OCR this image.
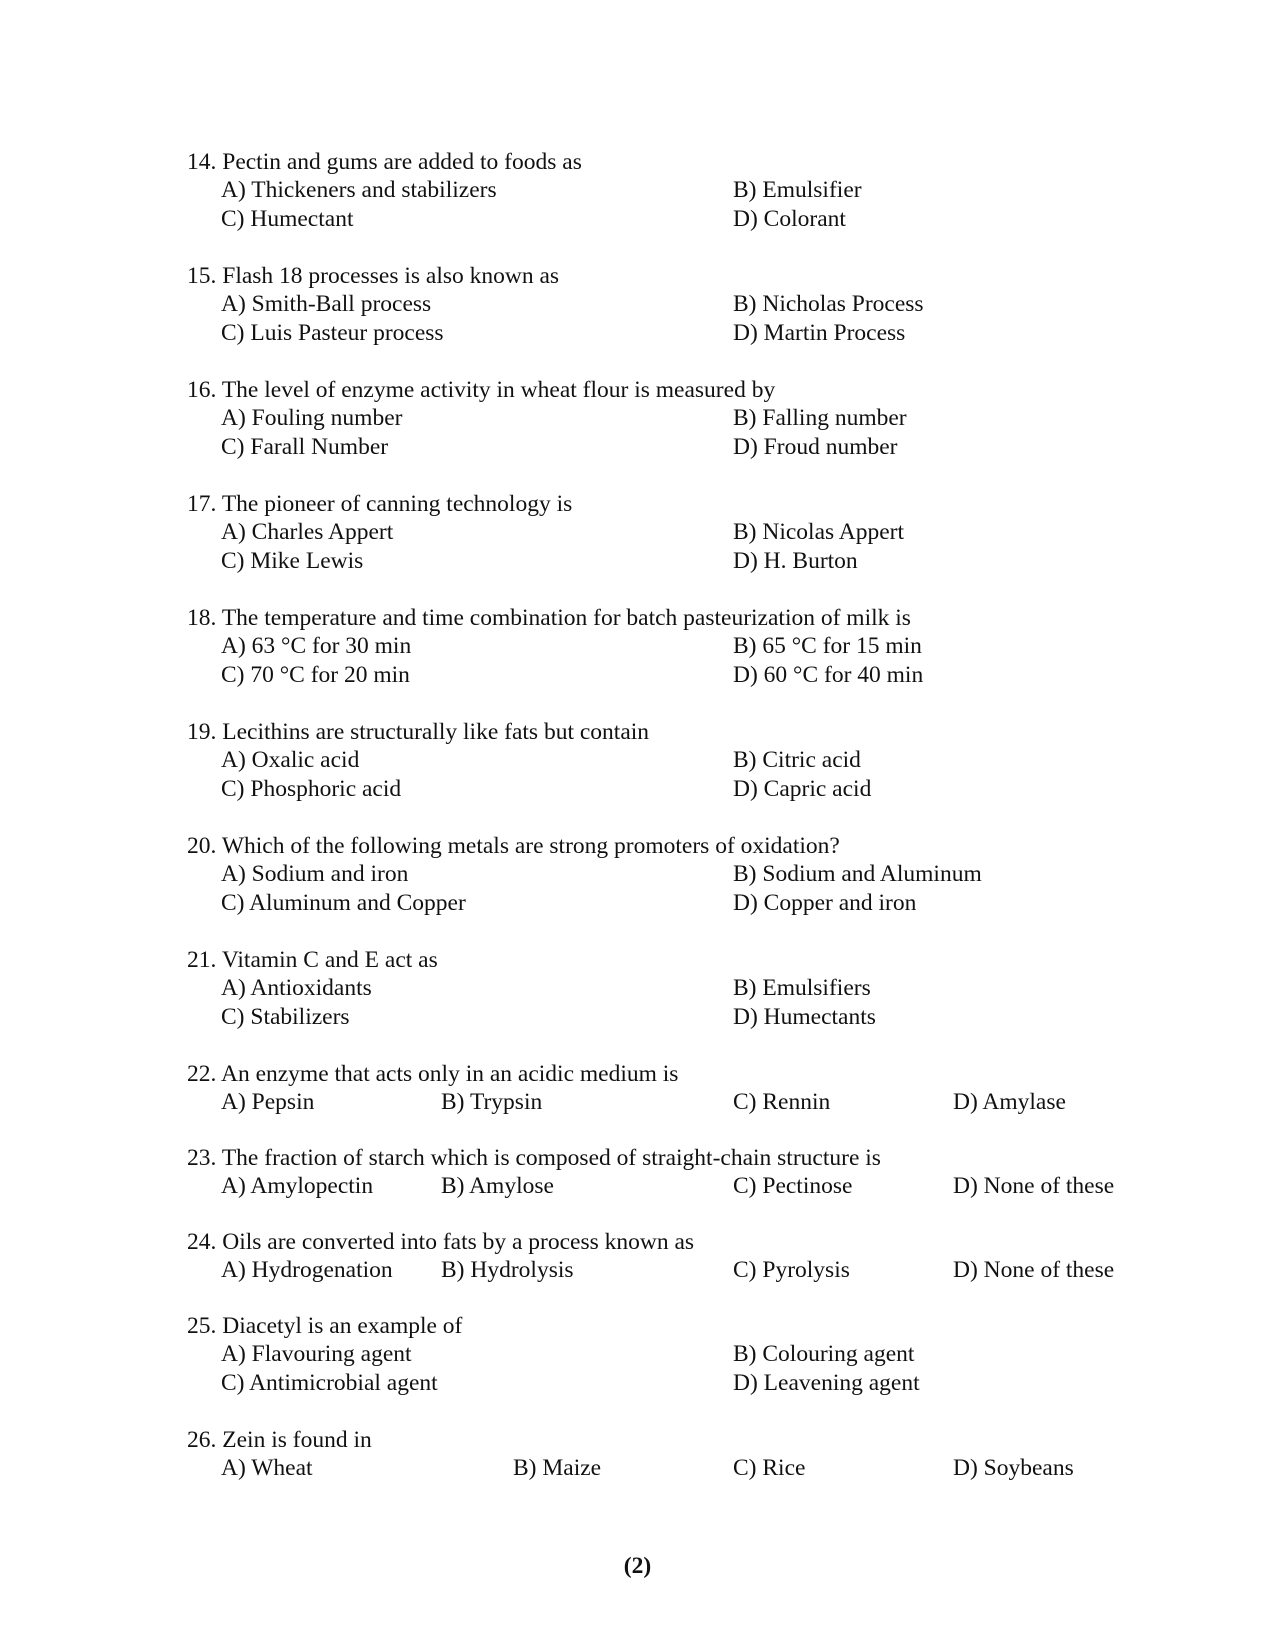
14. Pectin and gums are added to foods as
A) Thickeners and stabilizers	B) Emulsifier
C) Humectant	D) Colorant
15. Flash 18 processes is also known as
A) Smith-Ball process	B) Nicholas Process
C) Luis Pasteur process	D) Martin Process
16. The level of enzyme activity in wheat flour is measured by
A) Fouling number	B) Falling number
C) Farall Number	D) Froud number
17. The pioneer of canning technology is
A) Charles Appert	B) Nicolas Appert
C) Mike Lewis	D) H. Burton
18. The temperature and time combination for batch pasteurization of milk is
A) 63 °C for 30 min	B) 65 °C for 15 min
C) 70 °C for 20 min	D) 60 °C for 40 min
19. Lecithins are structurally like fats but contain
A) Oxalic acid	B) Citric acid
C) Phosphoric acid	D) Capric acid
20. Which of the following metals are strong promoters of oxidation?
A) Sodium and iron	B) Sodium and Aluminum
C) Aluminum and Copper	D) Copper and iron
21. Vitamin C and E act as
A) Antioxidants	B) Emulsifiers
C) Stabilizers	D) Humectants
22. An enzyme that acts only in an acidic medium is
A) Pepsin	B) Trypsin	C) Rennin	D) Amylase
23. The fraction of starch which is composed of straight-chain structure is
A) Amylopectin	B) Amylose	C) Pectinose	D) None of these
24. Oils are converted into fats by a process known as
A) Hydrogenation B) Hydrolysis	C) Pyrolysis	D) None of these
25. Diacetyl is an example of
A) Flavouring agent	B) Colouring agent
C) Antimicrobial agent	D) Leavening agent
26. Zein is found in
A) Wheat	B) Maize	C) Rice	D) Soybeans
(2)
